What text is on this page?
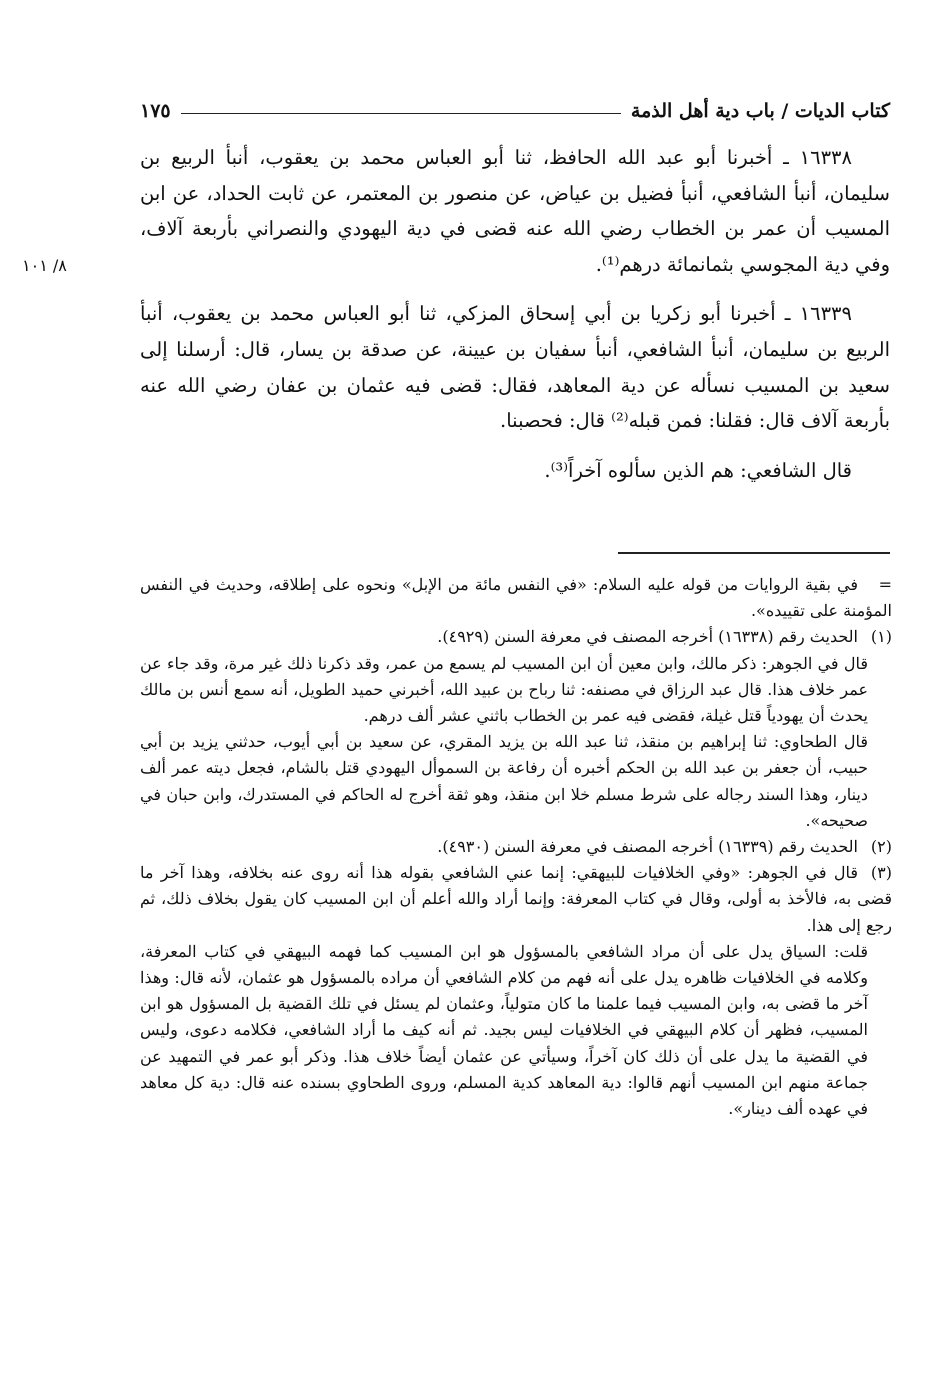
كتاب الديات / باب دية أهل الذمة
١٧٥
٨/ ١٠١

١٦٣٣٨ ـ أخبرنا أبو عبد الله الحافظ، ثنا أبو العباس محمد بن يعقوب، أنبأ الربيع بن سليمان، أنبأ الشافعي، أنبأ فضيل بن عياض، عن منصور بن المعتمر، عن ثابت الحداد، عن ابن المسيب أن عمر بن الخطاب رضي الله عنه قضى في دية اليهودي والنصراني بأربعة آلاف، وفي دية المجوسي بثمانمائة درهم⁽¹⁾.

١٦٣٣٩ ـ أخبرنا أبو زكريا بن أبي إسحاق المزكي، ثنا أبو العباس محمد بن يعقوب، أنبأ الربيع بن سليمان، أنبأ الشافعي، أنبأ سفيان بن عيينة، عن صدقة بن يسار، قال: أرسلنا إلى سعيد بن المسيب نسأله عن دية المعاهد، فقال: قضى فيه عثمان بن عفان رضي الله عنه بأربعة آلاف قال: فقلنا: فمن قبله⁽²⁾ قال: فحصبنا.

قال الشافعي: هم الذين سألوه آخراً⁽³⁾.

=في بقية الروايات من قوله عليه السلام: «في النفس مائة من الإبل» ونحوه على إطلاقه، وحديث في النفس المؤمنة على تقييده».

(١)الحديث رقم (١٦٣٣٨) أخرجه المصنف في معرفة السنن (٤٩٢٩).

قال في الجوهر: ذكر مالك، وابن معين أن ابن المسيب لم يسمع من عمر، وقد ذكرنا ذلك غير مرة، وقد جاء عن عمر خلاف هذا. قال عبد الرزاق في مصنفه: ثنا رباح بن عبيد الله، أخبرني حميد الطويل، أنه سمع أنس بن مالك يحدث أن يهودياً قتل غيلة، فقضى فيه عمر بن الخطاب باثني عشر ألف درهم.

قال الطحاوي: ثنا إبراهيم بن منقذ، ثنا عبد الله بن يزيد المقري، عن سعيد بن أبي أيوب، حدثني يزيد بن أبي حبيب، أن جعفر بن عبد الله بن الحكم أخبره أن رفاعة بن السموأل اليهودي قتل بالشام، فجعل ديته عمر ألف دينار، وهذا السند رجاله على شرط مسلم خلا ابن منقذ، وهو ثقة أخرج له الحاكم في المستدرك، وابن حبان في صحيحه».

(٢)الحديث رقم (١٦٣٣٩) أخرجه المصنف في معرفة السنن (٤٩٣٠).

(٣)قال في الجوهر: «وفي الخلافيات للبيهقي: إنما عني الشافعي بقوله هذا أنه روى عنه بخلافه، وهذا آخر ما قضى به، فالأخذ به أولى، وقال في كتاب المعرفة: وإنما أراد والله أعلم أن ابن المسيب كان يقول بخلاف ذلك، ثم رجع إلى هذا.

قلت: السياق يدل على أن مراد الشافعي بالمسؤول هو ابن المسيب كما فهمه البيهقي في كتاب المعرفة، وكلامه في الخلافيات ظاهره يدل على أنه فهم من كلام الشافعي أن مراده بالمسؤول هو عثمان، لأنه قال: وهذا آخر ما قضى به، وابن المسيب فيما علمنا ما كان متولياً، وعثمان لم يسئل في تلك القضية بل المسؤول هو ابن المسيب، فظهر أن كلام البيهقي في الخلافيات ليس بجيد. ثم أنه كيف ما أراد الشافعي، فكلامه دعوى، وليس في القضية ما يدل على أن ذلك كان آخراً، وسيأتي عن عثمان أيضاً خلاف هذا. وذكر أبو عمر في التمهيد عن جماعة منهم ابن المسيب أنهم قالوا: دية المعاهد كدية المسلم، وروى الطحاوي بسنده عنه قال: دية كل معاهد في عهده ألف دينار».
